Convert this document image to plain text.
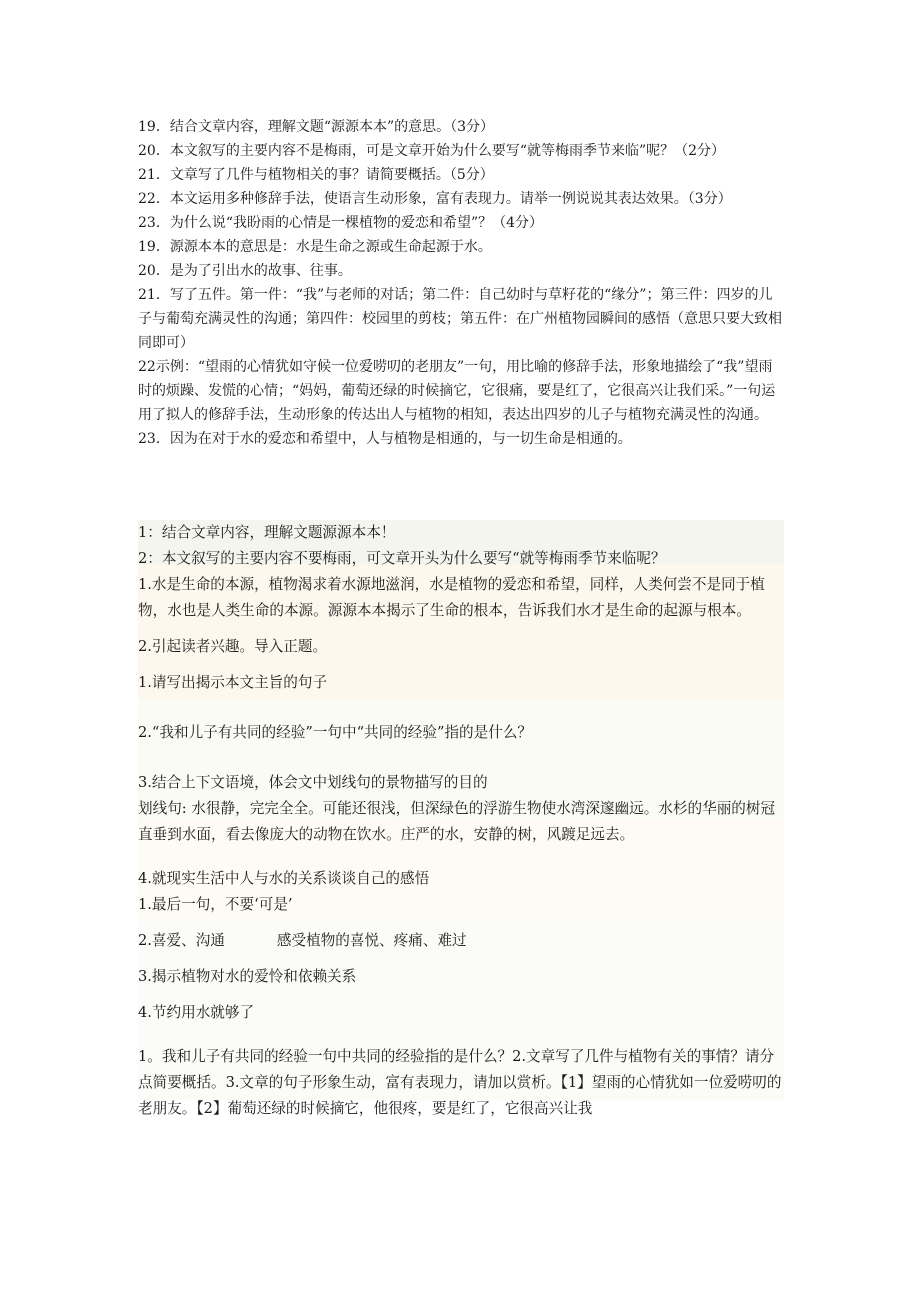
19．结合文章内容，理解文题“源源本本”的意思。（3分）

20．本文叙写的主要内容不是梅雨，可是文章开始为什么要写“就等梅雨季节来临”呢？（2分）

21．文章写了几件与植物相关的事？请简要概括。（5分）

22．本文运用多种修辞手法，使语言生动形象，富有表现力。请举一例说说其表达效果。（3分）

23．为什么说“我盼雨的心情是一棵植物的爱恋和希望”？（4分）

19．源源本本的意思是：水是生命之源或生命起源于水。

20．是为了引出水的故事、往事。

21．写了五件。第一件：“我”与老师的对话；第二件：自己幼时与草籽花的“缘分”；第三件：四岁的儿子与葡萄充满灵性的沟通；第四件：校园里的剪枝；第五件：在广州植物园瞬间的感悟（意思只要大致相同即可）

22示例：“望雨的心情犹如守候一位爱唠叨的老朋友”一句，用比喻的修辞手法，形象地描绘了“我”望雨时的烦躁、发慌的心情；“妈妈，葡萄还绿的时候摘它，它很痛，要是红了，它很高兴让我们采。”一句运用了拟人的修辞手法，生动形象的传达出人与植物的相知，表达出四岁的儿子与植物充满灵性的沟通。

23．因为在对于水的爱恋和希望中，人与植物是相通的，与一切生命是相通的。

1：结合文章内容，理解文题源源本本！

2：本文叙写的主要内容不要梅雨，可文章开头为什么要写“就等梅雨季节来临呢？

1.水是生命的本源，植物渴求着水源地滋润，水是植物的爱恋和希望，同样，人类何尝不是同于植物，水也是人类生命的本源。源源本本揭示了生命的根本，告诉我们水才是生命的起源与根本。

2.引起读者兴趣。导入正题。

1.请写出揭示本文主旨的句子

2.“我和儿子有共同的经验”一句中“共同的经验”指的是什么？

3.结合上下文语境，体会文中划线句的景物描写的目的

划线句: 水很静，完完全全。可能还很浅，但深绿色的浮游生物使水湾深邃幽远。水杉的华丽的树冠直垂到水面，看去像庞大的动物在饮水。庄严的水，安静的树，风踱足远去。

4.就现实生活中人与水的关系谈谈自己的感悟

1.最后一句，不要‘可是’

2.喜爱、沟通	感受植物的喜悦、疼痛、难过

3.揭示植物对水的爱怜和依赖关系

4.节约用水就够了

1。我和儿子有共同的经验一句中共同的经验指的是什么？2.文章写了几件与植物有关的事情？请分点简要概括。3.文章的句子形象生动，富有表现力，请加以赏析。【1】望雨的心情犹如一位爱唠叨的老朋友。【2】葡萄还绿的时候摘它，他很疼，要是红了，它很高兴让我
